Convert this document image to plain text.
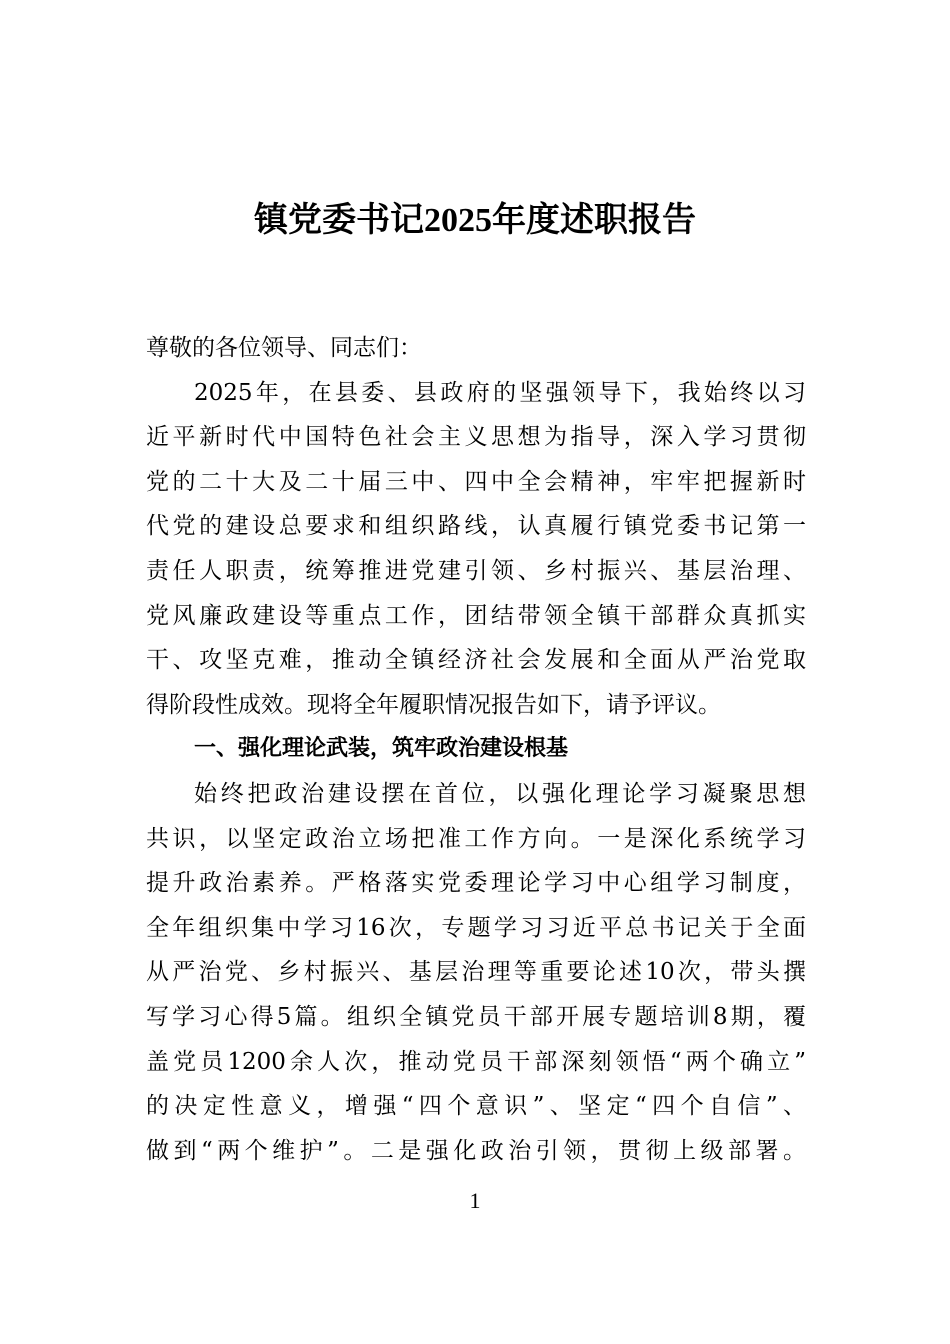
镇党委书记2025年度述职报告
尊敬的各位领导、同志们：
2025年，在县委、县政府的坚强领导下，我始终以习
近平新时代中国特色社会主义思想为指导，深入学习贯彻
党的二十大及二十届三中、四中全会精神，牢牢把握新时
代党的建设总要求和组织路线，认真履行镇党委书记第一
责任人职责，统筹推进党建引领、乡村振兴、基层治理、
党风廉政建设等重点工作，团结带领全镇干部群众真抓实
干、攻坚克难，推动全镇经济社会发展和全面从严治党取
得阶段性成效。现将全年履职情况报告如下，请予评议。
一、强化理论武装，筑牢政治建设根基
始终把政治建设摆在首位，以强化理论学习凝聚思想
共识，以坚定政治立场把准工作方向。一是深化系统学习
提升政治素养。严格落实党委理论学习中心组学习制度，
全年组织集中学习16次，专题学习习近平总书记关于全面
从严治党、乡村振兴、基层治理等重要论述10次，带头撰
写学习心得5篇。组织全镇党员干部开展专题培训8期，覆
盖党员1200余人次，推动党员干部深刻领悟“两个确立”
的决定性意义，增强“四个意识”、坚定“四个自信”、
做到“两个维护”。二是强化政治引领，贯彻上级部署。
1
